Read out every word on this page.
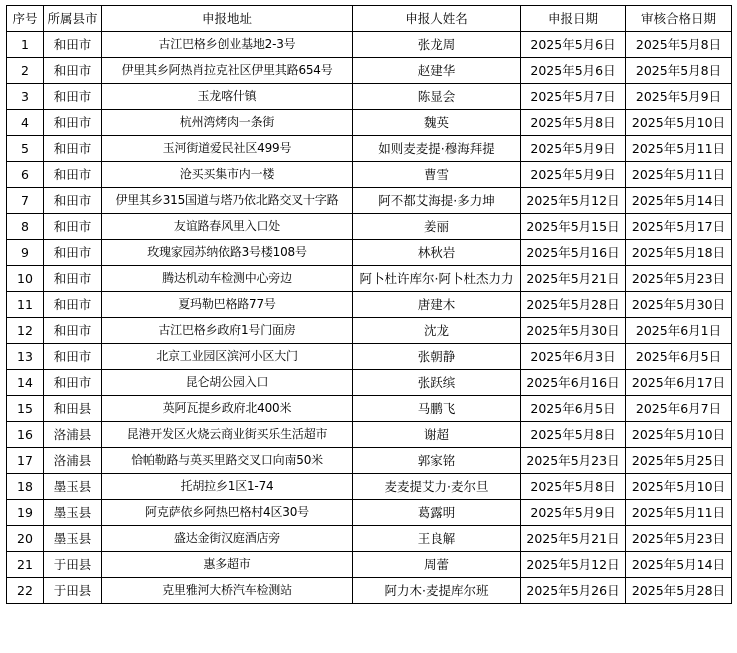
序号	所属县市	申报地址	申报人姓名	申报日期	审核合格日期
1	和田市	古江巴格乡创业基地2-3号	张龙周	2025年5月6日	2025年5月8日
2	和田市	伊里其乡阿热肖拉克社区伊里其路654号	赵建华	2025年5月6日	2025年5月8日
3	和田市	玉龙喀什镇	陈显会	2025年5月7日	2025年5月9日
4	和田市	杭州湾烤肉一条街	魏英	2025年5月8日	2025年5月10日
5	和田市	玉河街道爱民社区499号	如则麦麦提·穆海拜提	2025年5月9日	2025年5月11日
6	和田市	沧买买集市内一楼	曹雪	2025年5月9日	2025年5月11日
7	和田市	伊里其乡315国道与塔乃依北路交叉十字路	阿不都艾海提·多力坤	2025年5月12日	2025年5月14日
8	和田市	友谊路春风里入口处	姜丽	2025年5月15日	2025年5月17日
9	和田市	玫瑰家园苏纳依路3号楼108号	林秋岩	2025年5月16日	2025年5月18日
10	和田市	腾达机动车检测中心旁边	阿卜杜许库尔·阿卜杜杰力力	2025年5月21日	2025年5月23日
11	和田市	夏玛勒巴格路77号	唐建木	2025年5月28日	2025年5月30日
12	和田市	古江巴格乡政府1号门面房	沈龙	2025年5月30日	2025年6月1日
13	和田市	北京工业园区滨河小区大门	张朝静	2025年6月3日	2025年6月5日
14	和田市	昆仑胡公园入口	张跃缤	2025年6月16日	2025年6月17日
15	和田县	英阿瓦提乡政府北400米	马鹏飞	2025年6月5日	2025年6月7日
16	洛浦县	昆港开发区火烧云商业街买乐生活超市	谢超	2025年5月8日	2025年5月10日
17	洛浦县	恰帕勒路与英买里路交叉口向南50米	郭家铭	2025年5月23日	2025年5月25日
18	墨玉县	托胡拉乡1区1-74	麦麦提艾力·麦尔旦	2025年5月8日	2025年5月10日
19	墨玉县	阿克萨依乡阿热巴格村4区30号	葛露明	2025年5月9日	2025年5月11日
20	墨玉县	盛达金街汉庭酒店旁	王良解	2025年5月21日	2025年5月23日
21	于田县	惠多超市	周蕾	2025年5月12日	2025年5月14日
22	于田县	克里雅河大桥汽车检测站	阿力木·麦提库尔班	2025年5月26日	2025年5月28日
